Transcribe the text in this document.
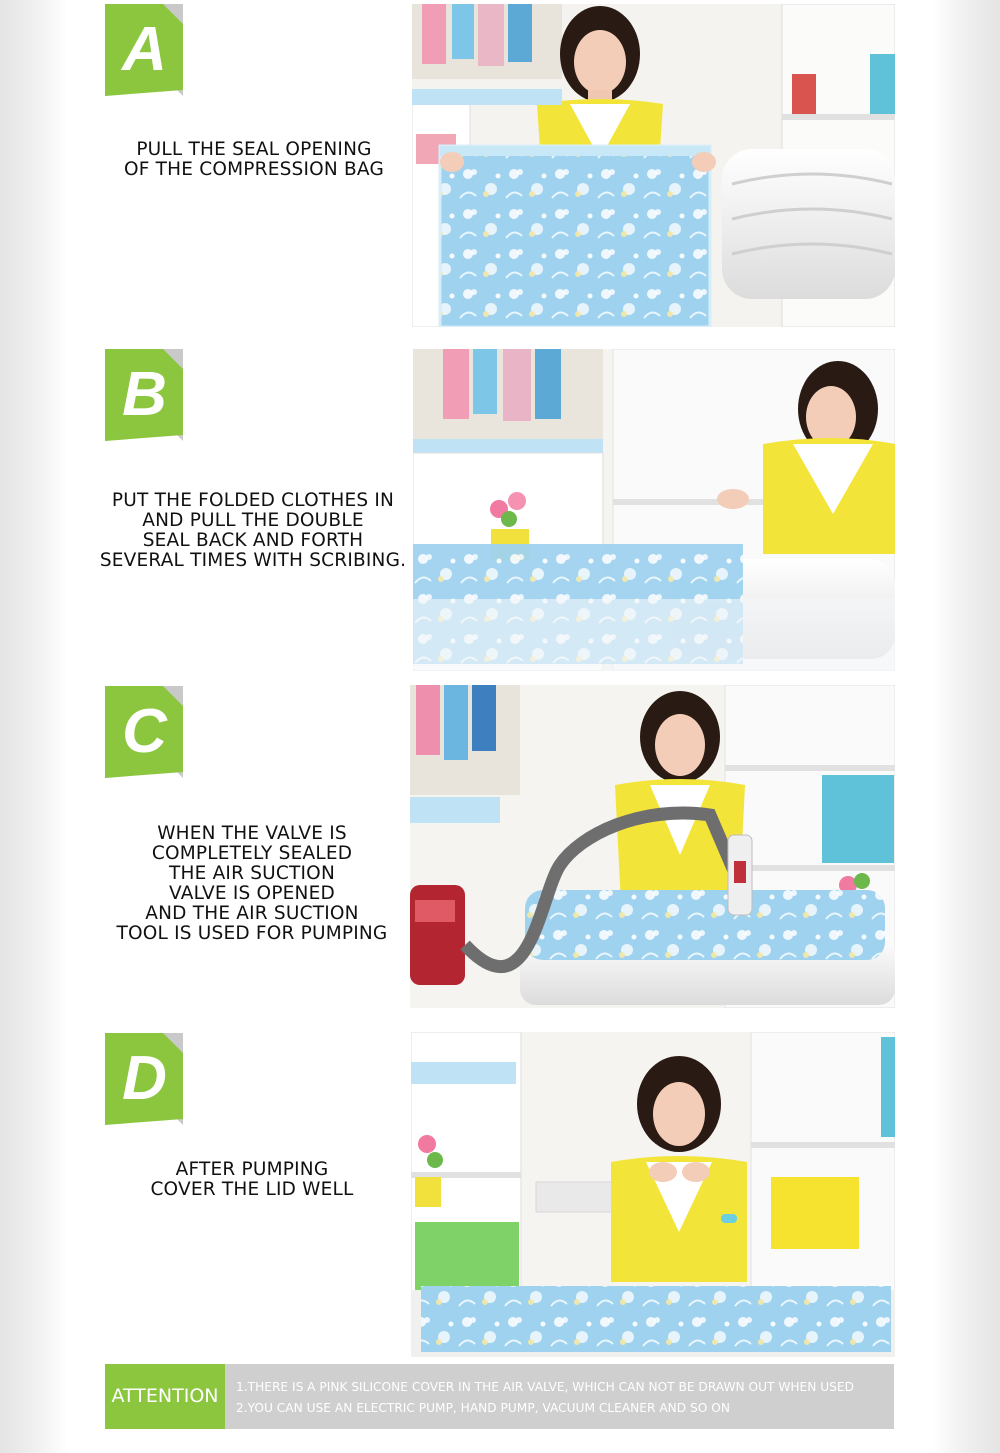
A
PULL THE SEAL OPENING
OF THE COMPRESSION BAG
B
PUT THE FOLDED CLOTHES IN
AND PULL THE DOUBLE
SEAL BACK AND FORTH
SEVERAL TIMES WITH SCRIBING.
C
WHEN THE VALVE IS
COMPLETELY SEALED
THE AIR SUCTION
VALVE IS OPENED
AND THE AIR SUCTION
TOOL IS USED FOR PUMPING
D
AFTER PUMPING
COVER THE LID WELL
ATTENTION	1.THERE IS A PINK SILICONE COVER IN THE AIR VALVE, WHICH CAN NOT BE DRAWN OUT WHEN USED
2.YOU CAN USE AN ELECTRIC PUMP, HAND PUMP, VACUUM CLEANER AND SO ON
